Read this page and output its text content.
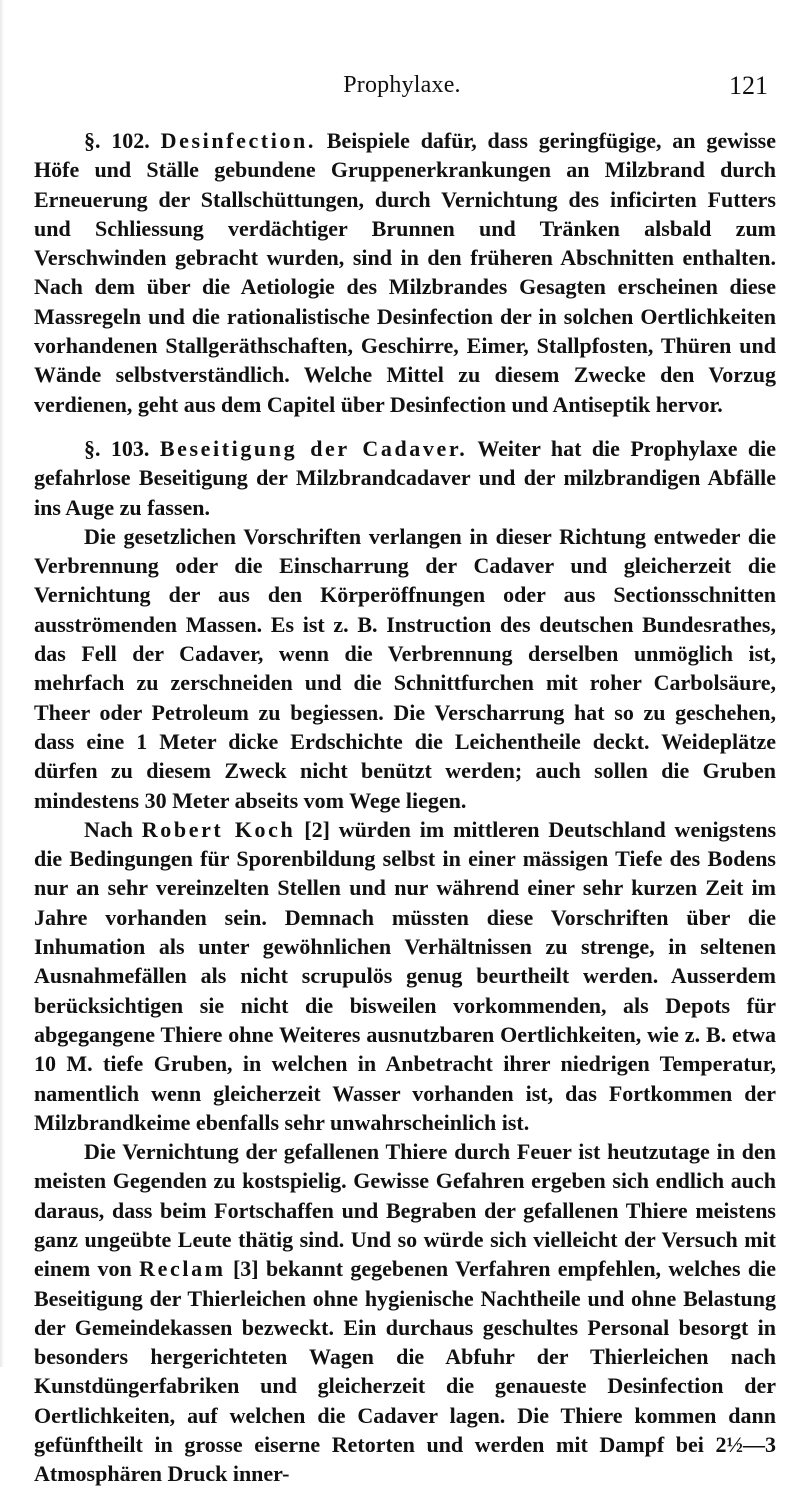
Prophylaxe.	121

§. 102. Desinfection. Beispiele dafür, dass geringfügige, an gewisse Höfe und Ställe gebundene Gruppenerkrankungen an Milzbrand durch Erneuerung der Stallschüttungen, durch Vernichtung des inficirten Futters und Schliessung verdächtiger Brunnen und Tränken alsbald zum Verschwinden gebracht wurden, sind in den früheren Abschnitten enthalten. Nach dem über die Aetiologie des Milzbrandes Gesagten erscheinen diese Massregeln und die rationalistische Desinfection der in solchen Oertlichkeiten vorhandenen Stallgeräthschaften, Geschirre, Eimer, Stallpfosten, Thüren und Wände selbstverständlich. Welche Mittel zu diesem Zwecke den Vorzug verdienen, geht aus dem Capitel über Desinfection und Antiseptik hervor.

§. 103. Beseitigung der Cadaver. Weiter hat die Prophylaxe die gefahrlose Beseitigung der Milzbrandcadaver und der milzbrandigen Abfälle ins Auge zu fassen.

Die gesetzlichen Vorschriften verlangen in dieser Richtung entweder die Verbrennung oder die Einscharrung der Cadaver und gleicherzeit die Vernichtung der aus den Körperöffnungen oder aus Sectionsschnitten ausströmenden Massen. Es ist z. B. Instruction des deutschen Bundesrathes, das Fell der Cadaver, wenn die Verbrennung derselben unmöglich ist, mehrfach zu zerschneiden und die Schnittfurchen mit roher Carbolsäure, Theer oder Petroleum zu begiessen. Die Verscharrung hat so zu geschehen, dass eine 1 Meter dicke Erdschichte die Leichentheile deckt. Weideplätze dürfen zu diesem Zweck nicht benützt werden; auch sollen die Gruben mindestens 30 Meter abseits vom Wege liegen.

Nach Robert Koch [2] würden im mittleren Deutschland wenigstens die Bedingungen für Sporenbildung selbst in einer mässigen Tiefe des Bodens nur an sehr vereinzelten Stellen und nur während einer sehr kurzen Zeit im Jahre vorhanden sein. Demnach müssten diese Vorschriften über die Inhumation als unter gewöhnlichen Verhältnissen zu strenge, in seltenen Ausnahmefällen als nicht scrupulös genug beurtheilt werden. Ausserdem berücksichtigen sie nicht die bisweilen vorkommenden, als Depots für abgegangene Thiere ohne Weiteres ausnutzbaren Oertlichkeiten, wie z. B. etwa 10 M. tiefe Gruben, in welchen in Anbetracht ihrer niedrigen Temperatur, namentlich wenn gleicherzeit Wasser vorhanden ist, das Fortkommen der Milzbrandkeime ebenfalls sehr unwahrscheinlich ist.

Die Vernichtung der gefallenen Thiere durch Feuer ist heutzutage in den meisten Gegenden zu kostspielig. Gewisse Gefahren ergeben sich endlich auch daraus, dass beim Fortschaffen und Begraben der gefallenen Thiere meistens ganz ungeübte Leute thätig sind. Und so würde sich vielleicht der Versuch mit einem von Reclam [3] bekannt gegebenen Verfahren empfehlen, welches die Beseitigung der Thierleichen ohne hygienische Nachtheile und ohne Belastung der Gemeindekassen bezweckt. Ein durchaus geschultes Personal besorgt in besonders hergerichteten Wagen die Abfuhr der Thierleichen nach Kunstdüngerfabriken und gleicherzeit die genaueste Desinfection der Oertlichkeiten, auf welchen die Cadaver lagen. Die Thiere kommen dann gefünftheilt in grosse eiserne Retorten und werden mit Dampf bei 2½—3 Atmosphären Druck inner-
